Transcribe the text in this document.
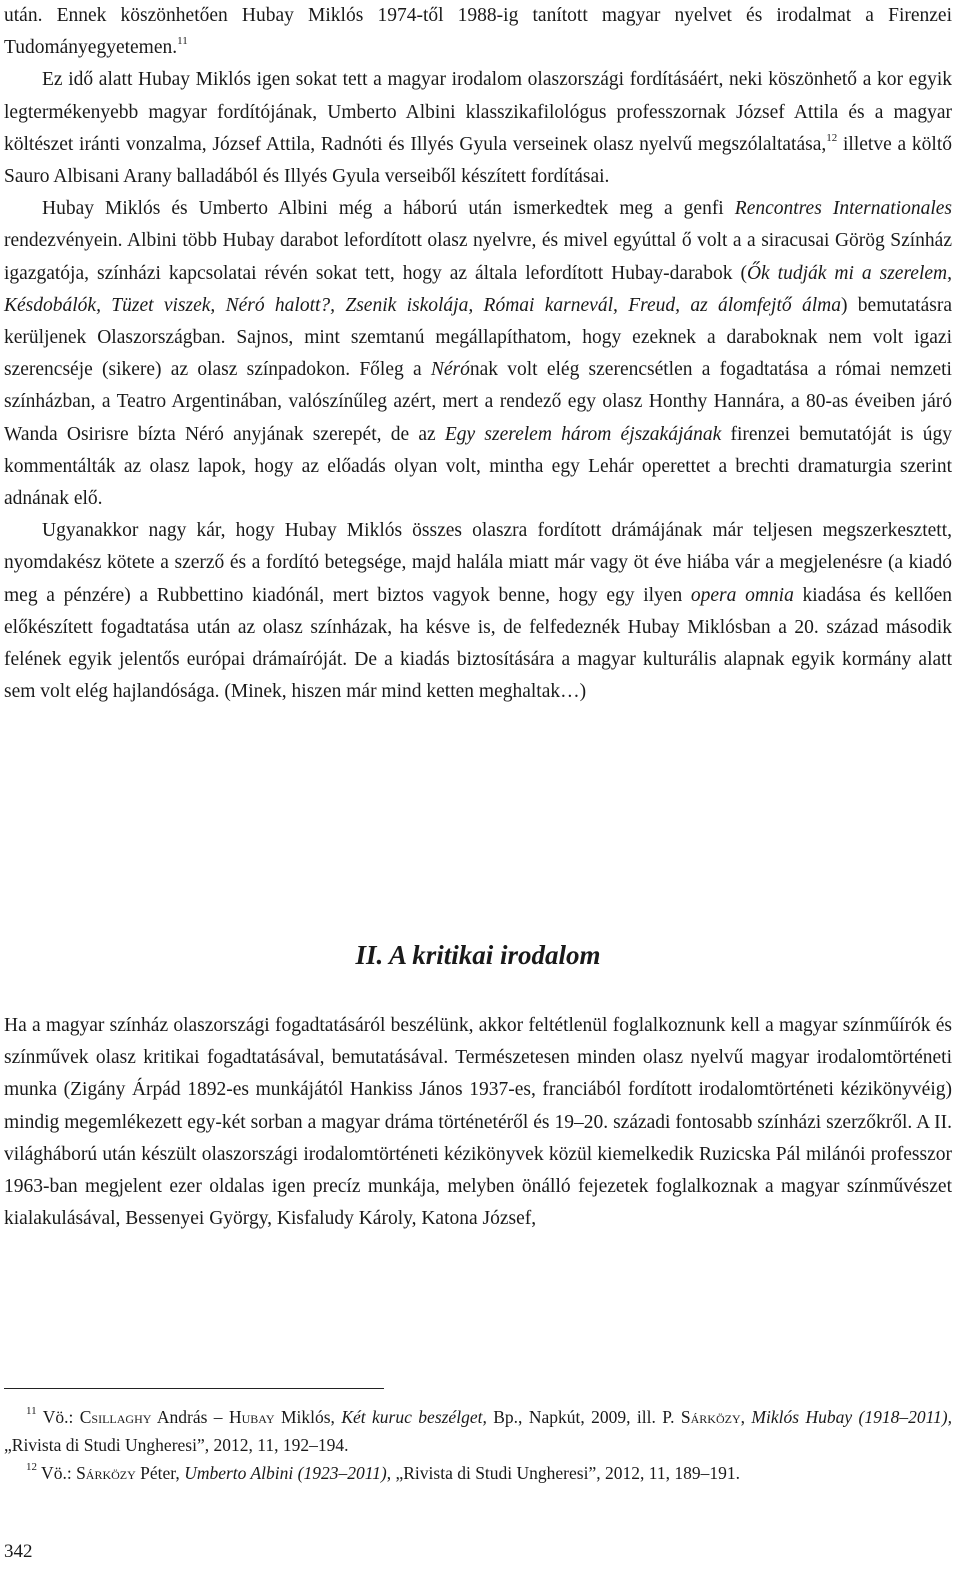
után. Ennek köszönhetően Hubay Miklós 1974-től 1988-ig tanított magyar nyelvet és irodalmat a Firenzei Tudományegyetemen.$^{11}$

Ez idő alatt Hubay Miklós igen sokat tett a magyar irodalom olaszországi fordításáért, neki köszönhető a kor egyik legtermékenyebb magyar fordítójának, Umberto Albini klasszikafilológus professzornak József Attila és a magyar költészet iránti vonzalma, József Attila, Radnóti és Illyés Gyula verseinek olasz nyelvű megszólaltatása,$^{12}$ illetve a költő Sauro Albisani Arany balladából és Illyés Gyula verseiből készített fordításai.

Hubay Miklós és Umberto Albini még a háború után ismerkedtek meg a genfi Rencontres Internationales rendezvényein. Albini több Hubay darabot lefordított olasz nyelvre, és mivel egyúttal ő volt a a siracusai Görög Színház igazgatója, színházi kapcsolatai révén sokat tett, hogy az általa lefordított Hubay-darabok (Ők tudják mi a szerelem, Késdobálók, Tüzet viszek, Néró halott?, Zsenik iskolája, Római karnevál, Freud, az álomfejtő álma) bemutatásra kerüljenek Olaszországban. Sajnos, mint szemtanú megállapíthatom, hogy ezeknek a daraboknak nem volt igazi szerencséje (sikere) az olasz színpadokon. Főleg a Nérónak volt elég szerencsétlen a fogadtatása a római nemzeti színházban, a Teatro Argentinában, valószínűleg azért, mert a rendező egy olasz Honthy Hannára, a 80-as éveiben járó Wanda Osirisre bízta Néró anyjának szerepét, de az Egy szerelem három éjszakájának firenzei bemutatóját is úgy kommentálták az olasz lapok, hogy az előadás olyan volt, mintha egy Lehár operettet a brechti dramaturgia szerint adnának elő.

Ugyanakkor nagy kár, hogy Hubay Miklós összes olaszra fordított drámájának már teljesen megszerkesztett, nyomdakész kötete a szerző és a fordító betegsége, majd halála miatt már vagy öt éve hiába vár a megjelenésre (a kiadó meg a pénzére) a Rubbettino kiadónál, mert biztos vagyok benne, hogy egy ilyen opera omnia kiadása és kellően előkészített fogadtatása után az olasz színházak, ha késve is, de felfedeznék Hubay Miklósban a 20. század második felének egyik jelentős európai drámaíróját. De a kiadás biztosítására a magyar kulturális alapnak egyik kormány alatt sem volt elég hajlandósága. (Minek, hiszen már mind ketten meghaltak…)

II. A kritikai irodalom

Ha a magyar színház olaszországi fogadtatásáról beszélünk, akkor feltétlenül foglalkoznunk kell a magyar színműírók és színművek olasz kritikai fogadtatásával, bemutatásával. Természetesen minden olasz nyelvű magyar irodalomtörténeti munka (Zigány Árpád 1892-es munkájától Hankiss János 1937-es, franciából fordított irodalomtörténeti kézikönyvéig) mindig megemlékezett egy-két sorban a magyar dráma történetéről és 19–20. századi fontosabb színházi szerzőkről. A II. világháború után készült olaszországi irodalomtörténeti kézikönyvek közül kiemelkedik Ruzicska Pál milánói professzor 1963-ban megjelent ezer oldalas igen precíz munkája, melyben önálló fejezetek foglalkoznak a magyar színművészet kialakulásával, Bessenyei György, Kisfaludy Károly, Katona József,

$^{11}$ Vö.: Csillaghy András – Hubay Miklós, Két kuruc beszélget, Bp., Napkút, 2009, ill. P. Sárközy, Miklós Hubay (1918–2011), „Rivista di Studi Ungheresi”, 2012, 11, 192–194.

$^{12}$ Vö.: Sárközy Péter, Umberto Albini (1923–2011), „Rivista di Studi Ungheresi”, 2012, 11, 189–191.

342
